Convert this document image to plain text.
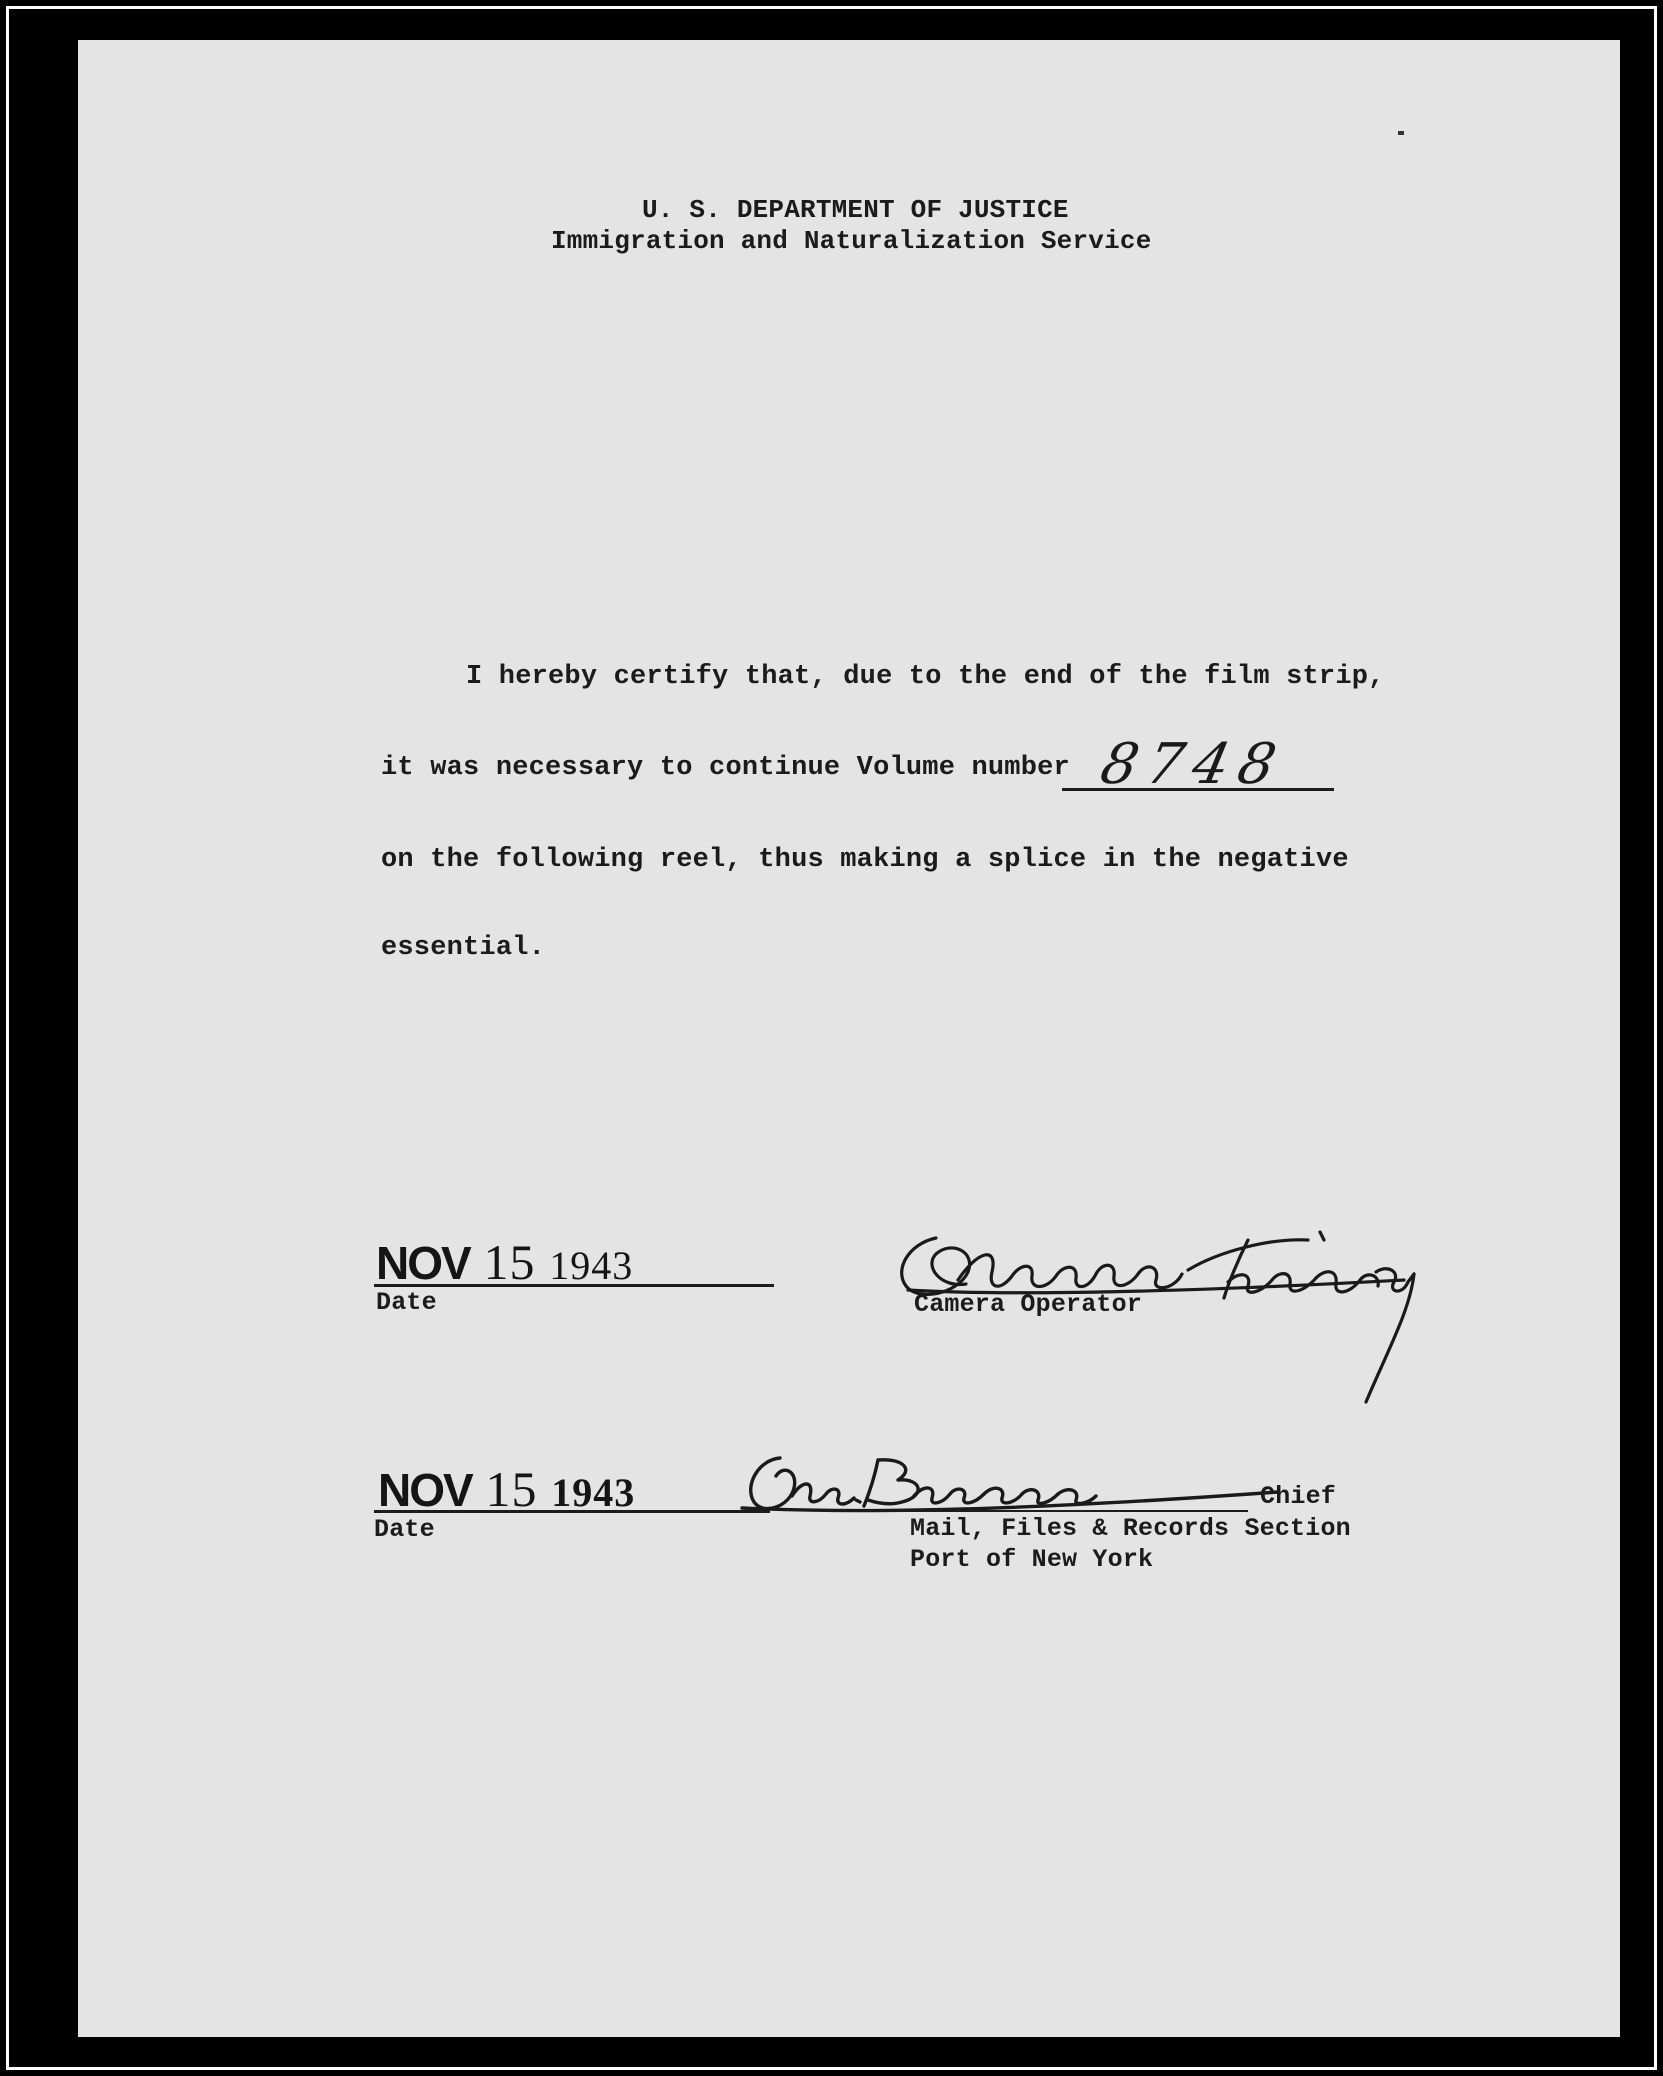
U. S. DEPARTMENT OF JUSTICE
Immigration and Naturalization Service
I hereby certify that, due to the end of the film strip,
it was necessary to continue Volume number 8748
on the following reel, thus making a splice in the negative
essential.
NOV 15 1943
Date	Camera Operator
NOV 15 1943
Date
Chief
Mail, Files & Records Section
Port of New York
